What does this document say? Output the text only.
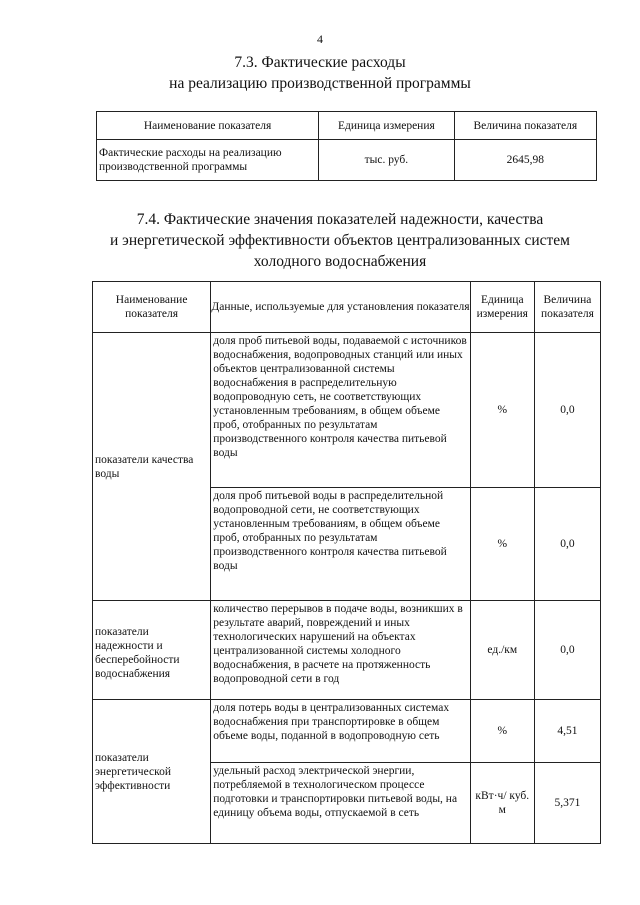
4
7.3. Фактические расходы
на реализацию производственной программы
Наименование показателя	Единица измерения	Величина показателя
Фактические расходы на реализацию производственной программы	тыс. руб.	2645,98
7.4. Фактические значения показателей надежности, качества
и энергетической эффективности объектов централизованных систем
холодного водоснабжения
Наименование показателя	Данные, используемые для установления показателя	Единица измерения	Величина показателя
показатели качества воды	доля проб питьевой воды, подаваемой с источников водоснабжения, водопроводных станций или иных объектов централизованной системы водоснабжения в распределительную водопроводную сеть, не соответствующих установленным требованиям, в общем объеме проб, отобранных по результатам производственного контроля качества питьевой воды	%	0,0
	доля проб питьевой воды в распределительной водопроводной сети, не соответствующих установленным требованиям, в общем объеме проб, отобранных по результатам производственного контроля качества питьевой воды	%	0,0
показатели надежности и бесперебойности водоснабжения	количество перерывов в подаче воды, возникших в результате аварий, повреждений и иных технологических нарушений на объектах централизованной системы холодного водоснабжения, в расчете на протяженность водопроводной сети в год	ед./км	0,0
показатели энергетической эффективности	доля потерь воды в централизованных системах водоснабжения при транспортировке в общем объеме воды, поданной в водопроводную сеть	%	4,51
	удельный расход электрической энергии, потребляемой в технологическом процессе подготовки и транспортировки питьевой воды, на единицу объема воды, отпускаемой в сеть	кВт·ч/ куб. м	5,371
